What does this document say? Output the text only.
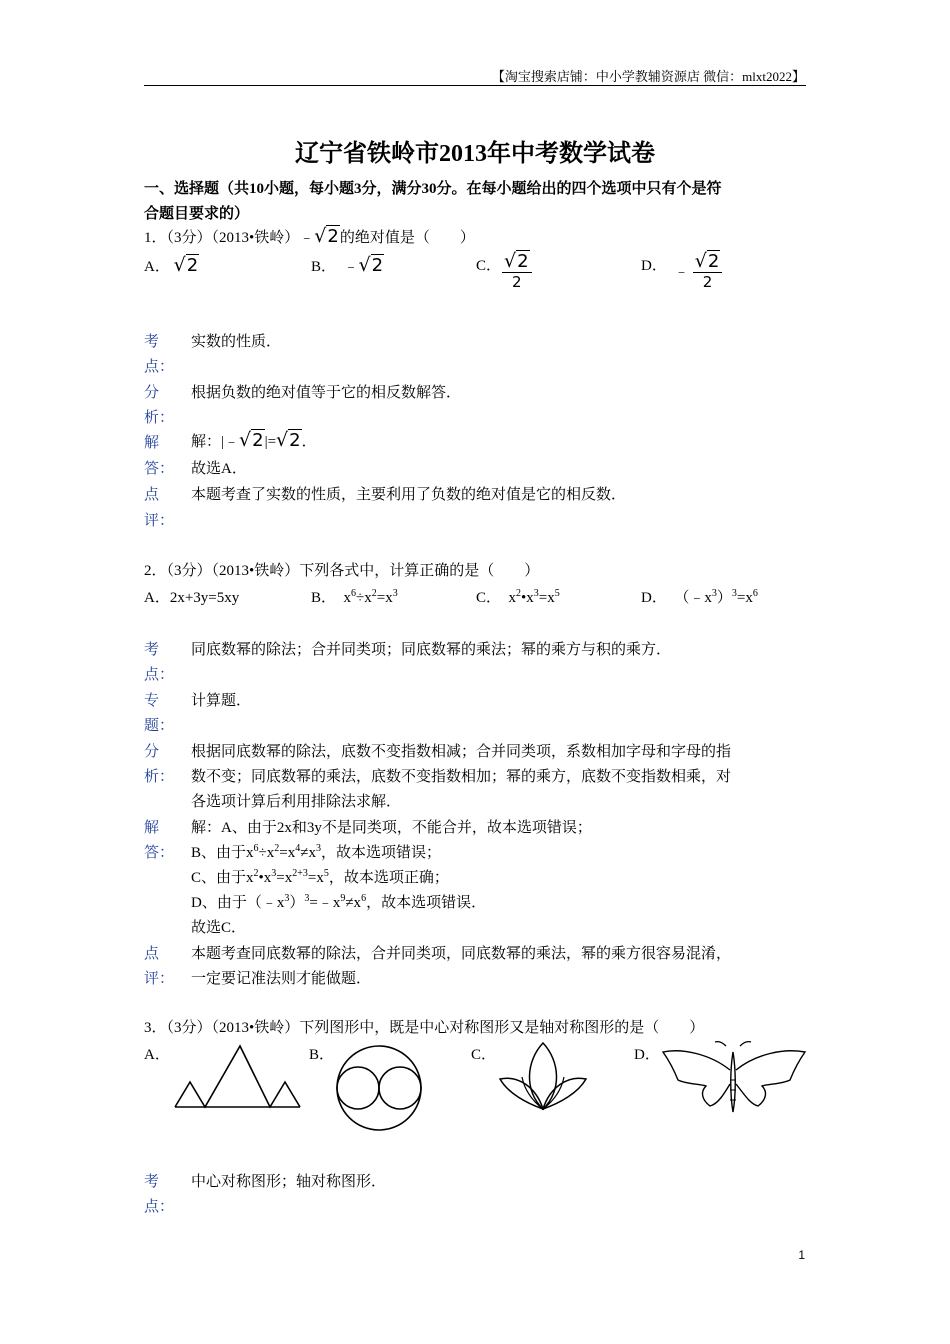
【淘宝搜索店铺：中小学教辅资源店 微信：mlxt2022】
辽宁省铁岭市2013年中考数学试卷
一、选择题（共10小题，每小题3分，满分30分。在每小题给出的四个选项中只有个是符
合题目要求的）
1．（3分）（2013•铁岭）﹣√2的绝对值是（　　）
A． √2	B． ﹣√2	C． $\frac{√2}{2}$	D． ﹣ $\frac{√2}{2}$
考
点：
实数的性质．
分
析：
根据负数的绝对值等于它的相反数解答．
解
答：
解：|﹣√2|=√2．
故选A．
点
评：
本题考查了实数的性质，主要利用了负数的绝对值是它的相反数．
2．（3分）（2013•铁岭）下列各式中，计算正确的是（　　）
A．2x+3y=5xy	B．  $x^6\div x^2=x^3$	C．  $x^2•x^3=x^5$	D．  $(﹣x^3)^3=x^6$
考
点：
同底数幂的除法；合并同类项；同底数幂的乘法；幂的乘方与积的乘方．
专
题：
计算题．
分
析：
根据同底数幂的除法，底数不变指数相减；合并同类项，系数相加字母和字母的指
数不变；同底数幂的乘法，底数不变指数相加；幂的乘方，底数不变指数相乘，对
各选项计算后利用排除法求解．
解
答：
解：A、由于2x和3y不是同类项，不能合并，故本选项错误；
B、由于$x^6\div x^2=x^4\ne x^3$，故本选项错误；
C、由于$x^2•x^3=x^{2+3}=x^5$，故本选项正确；
D、由于$(﹣x^3)^3=﹣x^9\ne x^6$，故本选项错误．
故选C．
点
评：
本题考查同底数幂的除法，合并同类项，同底数幂的乘法，幂的乘方很容易混淆，
一定要记准法则才能做题．
3．（3分）（2013•铁岭）下列图形中，既是中心对称图形又是轴对称图形的是（　　）
A．	B．	C．	D．
考
点：
中心对称图形；轴对称图形．
1
